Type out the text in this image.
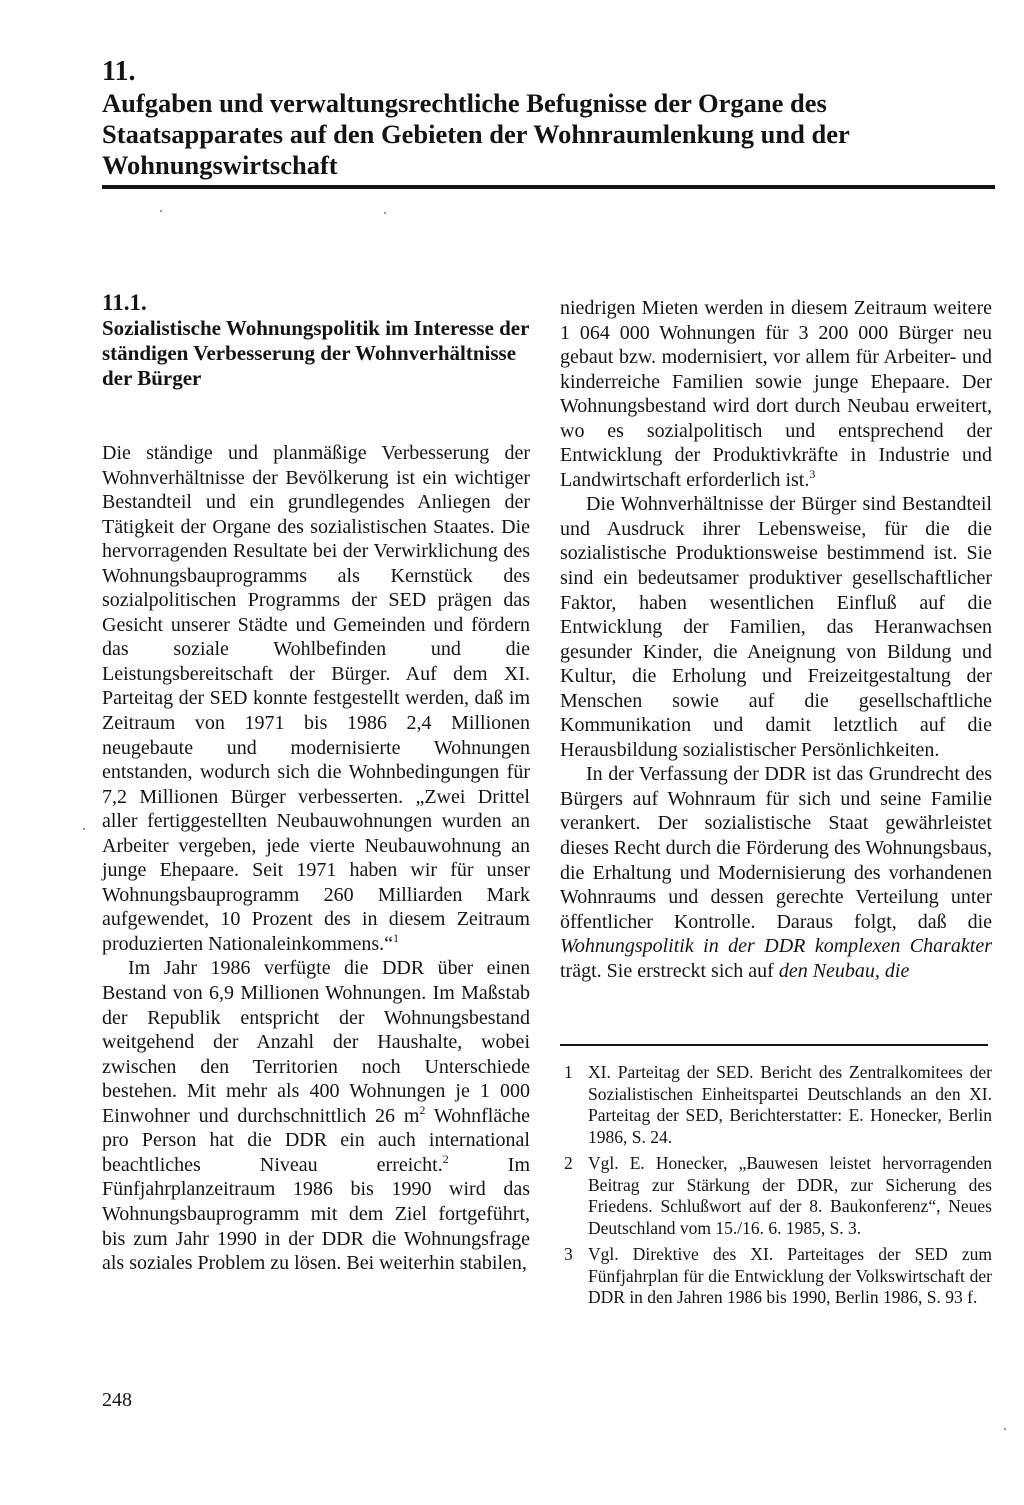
11.
Aufgaben und verwaltungsrechtliche Befugnisse der Organe des Staatsapparates auf den Gebieten der Wohnraumlenkung und der Wohnungswirtschaft
11.1.
Sozialistische Wohnungspolitik im Interesse der ständigen Verbesserung der Wohnverhältnisse der Bürger

Die ständige und planmäßige Verbesserung der Wohnverhältnisse der Bevölkerung ist ein wichtiger Bestandteil und ein grundlegendes Anliegen der Tätigkeit der Organe des sozialistischen Staates. Die hervorragenden Resultate bei der Verwirklichung des Wohnungsbauprogramms als Kernstück des sozialpolitischen Programms der SED prägen das Gesicht unserer Städte und Gemeinden und fördern das soziale Wohlbefinden und die Leistungsbereitschaft der Bürger. Auf dem XI. Parteitag der SED konnte festgestellt werden, daß im Zeitraum von 1971 bis 1986 2,4 Millionen neugebaute und modernisierte Wohnungen entstanden, wodurch sich die Wohnbedingungen für 7,2 Millionen Bürger verbesserten. „Zwei Drittel aller fertiggestellten Neubauwohnungen wurden an Arbeiter vergeben, jede vierte Neubauwohnung an junge Ehepaare. Seit 1971 haben wir für unser Wohnungsbauprogramm 260 Milliarden Mark aufgewendet, 10 Prozent des in diesem Zeitraum produzierten Nationaleinkommens.“$^1$

Im Jahr 1986 verfügte die DDR über einen Bestand von 6,9 Millionen Wohnungen. Im Maßstab der Republik entspricht der Wohnungsbestand weitgehend der Anzahl der Haushalte, wobei zwischen den Territorien noch Unterschiede bestehen. Mit mehr als 400 Wohnungen je 1 000 Einwohner und durchschnittlich 26 $m^2$ Wohnfläche pro Person hat die DDR ein auch international beachtliches Niveau erreicht.$^2$ Im Fünfjahrplanzeitraum 1986 bis 1990 wird das Wohnungsbauprogramm mit dem Ziel fortgeführt, bis zum Jahr 1990 in der DDR die Wohnungsfrage als soziales Problem zu lösen. Bei weiterhin stabilen,

niedrigen Mieten werden in diesem Zeitraum weitere 1 064 000 Wohnungen für 3 200 000 Bürger neu gebaut bzw. modernisiert, vor allem für Arbeiter- und kinderreiche Familien sowie junge Ehepaare. Der Wohnungsbestand wird dort durch Neubau erweitert, wo es sozialpolitisch und entsprechend der Entwicklung der Produktivkräfte in Industrie und Landwirtschaft erforderlich ist.$^3$

Die Wohnverhältnisse der Bürger sind Bestandteil und Ausdruck ihrer Lebensweise, für die die sozialistische Produktionsweise bestimmend ist. Sie sind ein bedeutsamer produktiver gesellschaftlicher Faktor, haben wesentlichen Einfluß auf die Entwicklung der Familien, das Heranwachsen gesunder Kinder, die Aneignung von Bildung und Kultur, die Erholung und Freizeitgestaltung der Menschen sowie auf die gesellschaftliche Kommunikation und damit letztlich auf die Herausbildung sozialistischer Persönlichkeiten.

In der Verfassung der DDR ist das Grundrecht des Bürgers auf Wohnraum für sich und seine Familie verankert. Der sozialistische Staat gewährleistet dieses Recht durch die Förderung des Wohnungsbaus, die Erhaltung und Modernisierung des vorhandenen Wohnraums und dessen gerechte Verteilung unter öffentlicher Kontrolle. Daraus folgt, daß die Wohnungspolitik in der DDR komplexen Charakter trägt. Sie erstreckt sich auf den Neubau, die

1 XI. Parteitag der SED. Bericht des Zentralkomitees der Sozialistischen Einheitspartei Deutschlands an den XI. Parteitag der SED, Berichterstatter: E. Honecker, Berlin 1986, S. 24.
2 Vgl. E. Honecker, „Bauwesen leistet hervorragenden Beitrag zur Stärkung der DDR, zur Sicherung des Friedens. Schlußwort auf der 8. Baukonferenz“, Neues Deutschland vom 15./16. 6. 1985, S. 3.
3 Vgl. Direktive des XI. Parteitages der SED zum Fünfjahrplan für die Entwicklung der Volkswirtschaft der DDR in den Jahren 1986 bis 1990, Berlin 1986, S. 93 f.
248
